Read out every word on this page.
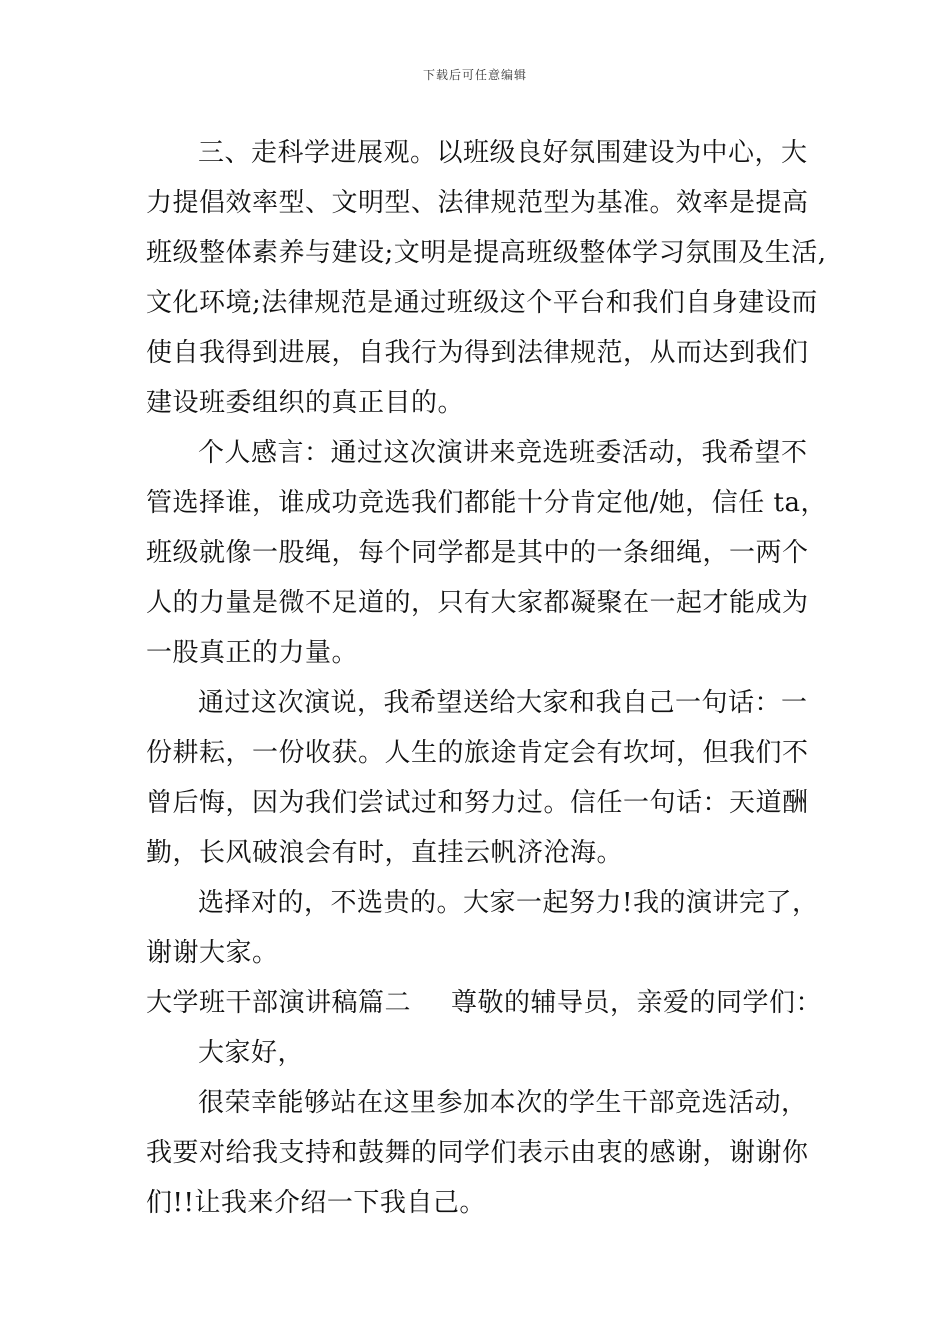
下载后可任意编辑
三、走科学进展观。以班级良好氛围建设为中心，大
力提倡效率型、文明型、法律规范型为基准。效率是提高
班级整体素养与建设;文明是提高班级整体学习氛围及生活,
文化环境;法律规范是通过班级这个平台和我们自身建设而
使自我得到进展，自我行为得到法律规范，从而达到我们
建设班委组织的真正目的。
个人感言：通过这次演讲来竞选班委活动，我希望不
管选择谁，谁成功竞选我们都能十分肯定他/她，信任 ta，
班级就像一股绳，每个同学都是其中的一条细绳，一两个
人的力量是微不足道的，只有大家都凝聚在一起才能成为
一股真正的力量。
通过这次演说，我希望送给大家和我自己一句话：一
份耕耘，一份收获。人生的旅途肯定会有坎坷，但我们不
曾后悔，因为我们尝试过和努力过。信任一句话：天道酬
勤，长风破浪会有时，直挂云帆济沧海。
选择对的，不选贵的。大家一起努力!我的演讲完了，
谢谢大家。
大学班干部演讲稿篇二 尊敬的辅导员，亲爱的同学们：
大家好，
很荣幸能够站在这里参加本次的学生干部竞选活动，
我要对给我支持和鼓舞的同学们表示由衷的感谢，谢谢你
们!!让我来介绍一下我自己。
